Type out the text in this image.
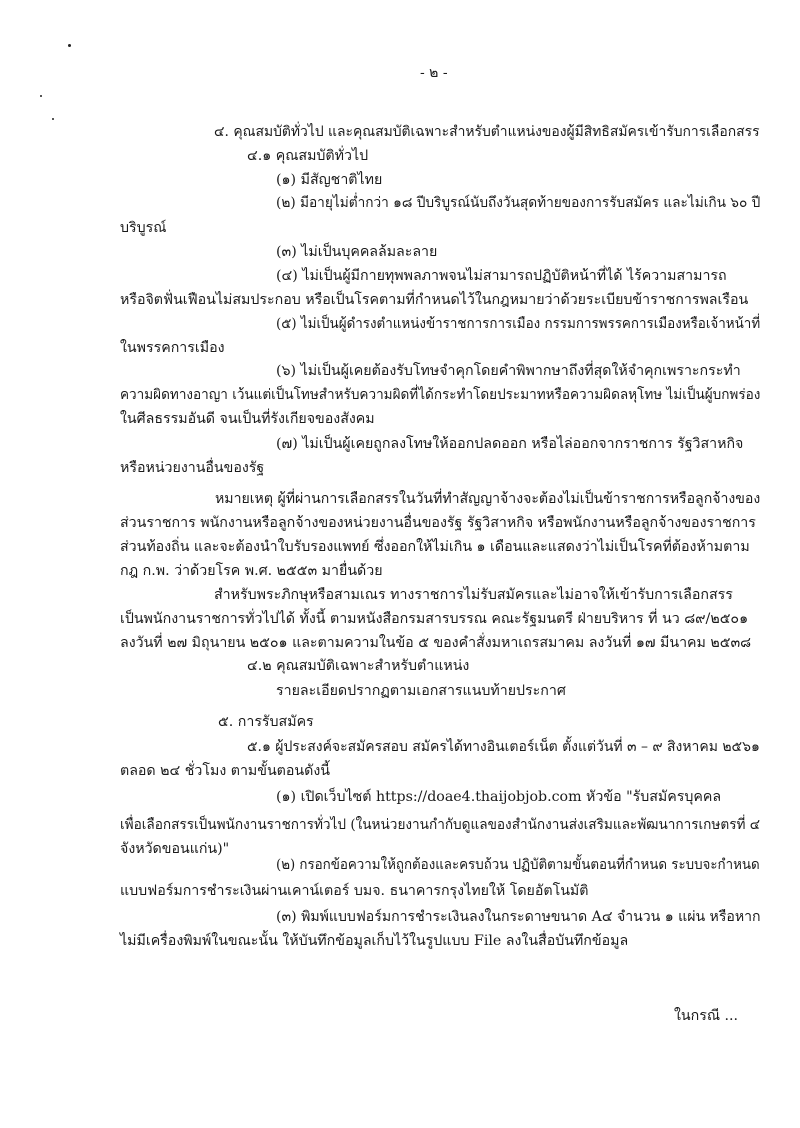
- ๒ -
๔. คุณสมบัติทั่วไป และคุณสมบัติเฉพาะสำหรับตำแหน่งของผู้มีสิทธิสมัครเข้ารับการเลือกสรร
๔.๑ คุณสมบัติทั่วไป
(๑) มีสัญชาติไทย
(๒) มีอายุไม่ต่ำกว่า ๑๘ ปีบริบูรณ์นับถึงวันสุดท้ายของการรับสมัคร และไม่เกิน ๖๐ ปี
บริบูรณ์
(๓) ไม่เป็นบุคคลล้มละลาย
(๔) ไม่เป็นผู้มีกายทุพพลภาพจนไม่สามารถปฏิบัติหน้าที่ได้ ไร้ความสามารถ
หรือจิตฟั่นเฟือนไม่สมประกอบ หรือเป็นโรคตามที่กำหนดไว้ในกฎหมายว่าด้วยระเบียบข้าราชการพลเรือน
(๕) ไม่เป็นผู้ดำรงตำแหน่งข้าราชการการเมือง กรรมการพรรคการเมืองหรือเจ้าหน้าที่
ในพรรคการเมือง
(๖) ไม่เป็นผู้เคยต้องรับโทษจำคุกโดยคำพิพากษาถึงที่สุดให้จำคุกเพราะกระทำ
ความผิดทางอาญา เว้นแต่เป็นโทษสำหรับความผิดที่ได้กระทำโดยประมาทหรือความผิดลหุโทษ ไม่เป็นผู้บกพร่อง
ในศีลธรรมอันดี จนเป็นที่รังเกียจของสังคม
(๗) ไม่เป็นผู้เคยถูกลงโทษให้ออกปลดออก หรือไล่ออกจากราชการ รัฐวิสาหกิจ
หรือหน่วยงานอื่นของรัฐ
หมายเหตุ ผู้ที่ผ่านการเลือกสรรในวันที่ทำสัญญาจ้างจะต้องไม่เป็นข้าราชการหรือลูกจ้างของ
ส่วนราชการ พนักงานหรือลูกจ้างของหน่วยงานอื่นของรัฐ รัฐวิสาหกิจ หรือพนักงานหรือลูกจ้างของราชการ
ส่วนท้องถิ่น และจะต้องนำใบรับรองแพทย์ ซึ่งออกให้ไม่เกิน ๑ เดือนและแสดงว่าไม่เป็นโรคที่ต้องห้ามตาม
กฎ ก.พ. ว่าด้วยโรค พ.ศ. ๒๕๕๓ มายื่นด้วย
สำหรับพระภิกษุหรือสามเณร ทางราชการไม่รับสมัครและไม่อาจให้เข้ารับการเลือกสรร
เป็นพนักงานราชการทั่วไปได้ ทั้งนี้ ตามหนังสือกรมสารบรรณ คณะรัฐมนตรี ฝ่ายบริหาร ที่ นว ๘๙/๒๕๐๑
ลงวันที่ ๒๗ มิถุนายน ๒๕๐๑ และตามความในข้อ ๕ ของคำสั่งมหาเถรสมาคม ลงวันที่ ๑๗ มีนาคม ๒๕๓๘
๔.๒ คุณสมบัติเฉพาะสำหรับตำแหน่ง
รายละเอียดปรากฏตามเอกสารแนบท้ายประกาศ
๕. การรับสมัคร
๕.๑ ผู้ประสงค์จะสมัครสอบ สมัครได้ทางอินเตอร์เน็ต ตั้งแต่วันที่ ๓ – ๙ สิงหาคม ๒๕๖๑
ตลอด ๒๔ ชั่วโมง ตามขั้นตอนดังนี้
(๑) เปิดเว็บไซต์ https://doae4.thaijobjob.com หัวข้อ "รับสมัครบุคคล
เพื่อเลือกสรรเป็นพนักงานราชการทั่วไป (ในหน่วยงานกำกับดูแลของสำนักงานส่งเสริมและพัฒนาการเกษตรที่ ๔
จังหวัดขอนแก่น)"
(๒) กรอกข้อความให้ถูกต้องและครบถ้วน ปฏิบัติตามขั้นตอนที่กำหนด ระบบจะกำหนด
แบบฟอร์มการชำระเงินผ่านเคาน์เตอร์ บมจ. ธนาคารกรุงไทยให้ โดยอัตโนมัติ
(๓) พิมพ์แบบฟอร์มการชำระเงินลงในกระดาษขนาด A๔ จำนวน ๑ แผ่น หรือหาก
ไม่มีเครื่องพิมพ์ในขณะนั้น ให้บันทึกข้อมูลเก็บไว้ในรูปแบบ File ลงในสื่อบันทึกข้อมูล
ในกรณี ...
